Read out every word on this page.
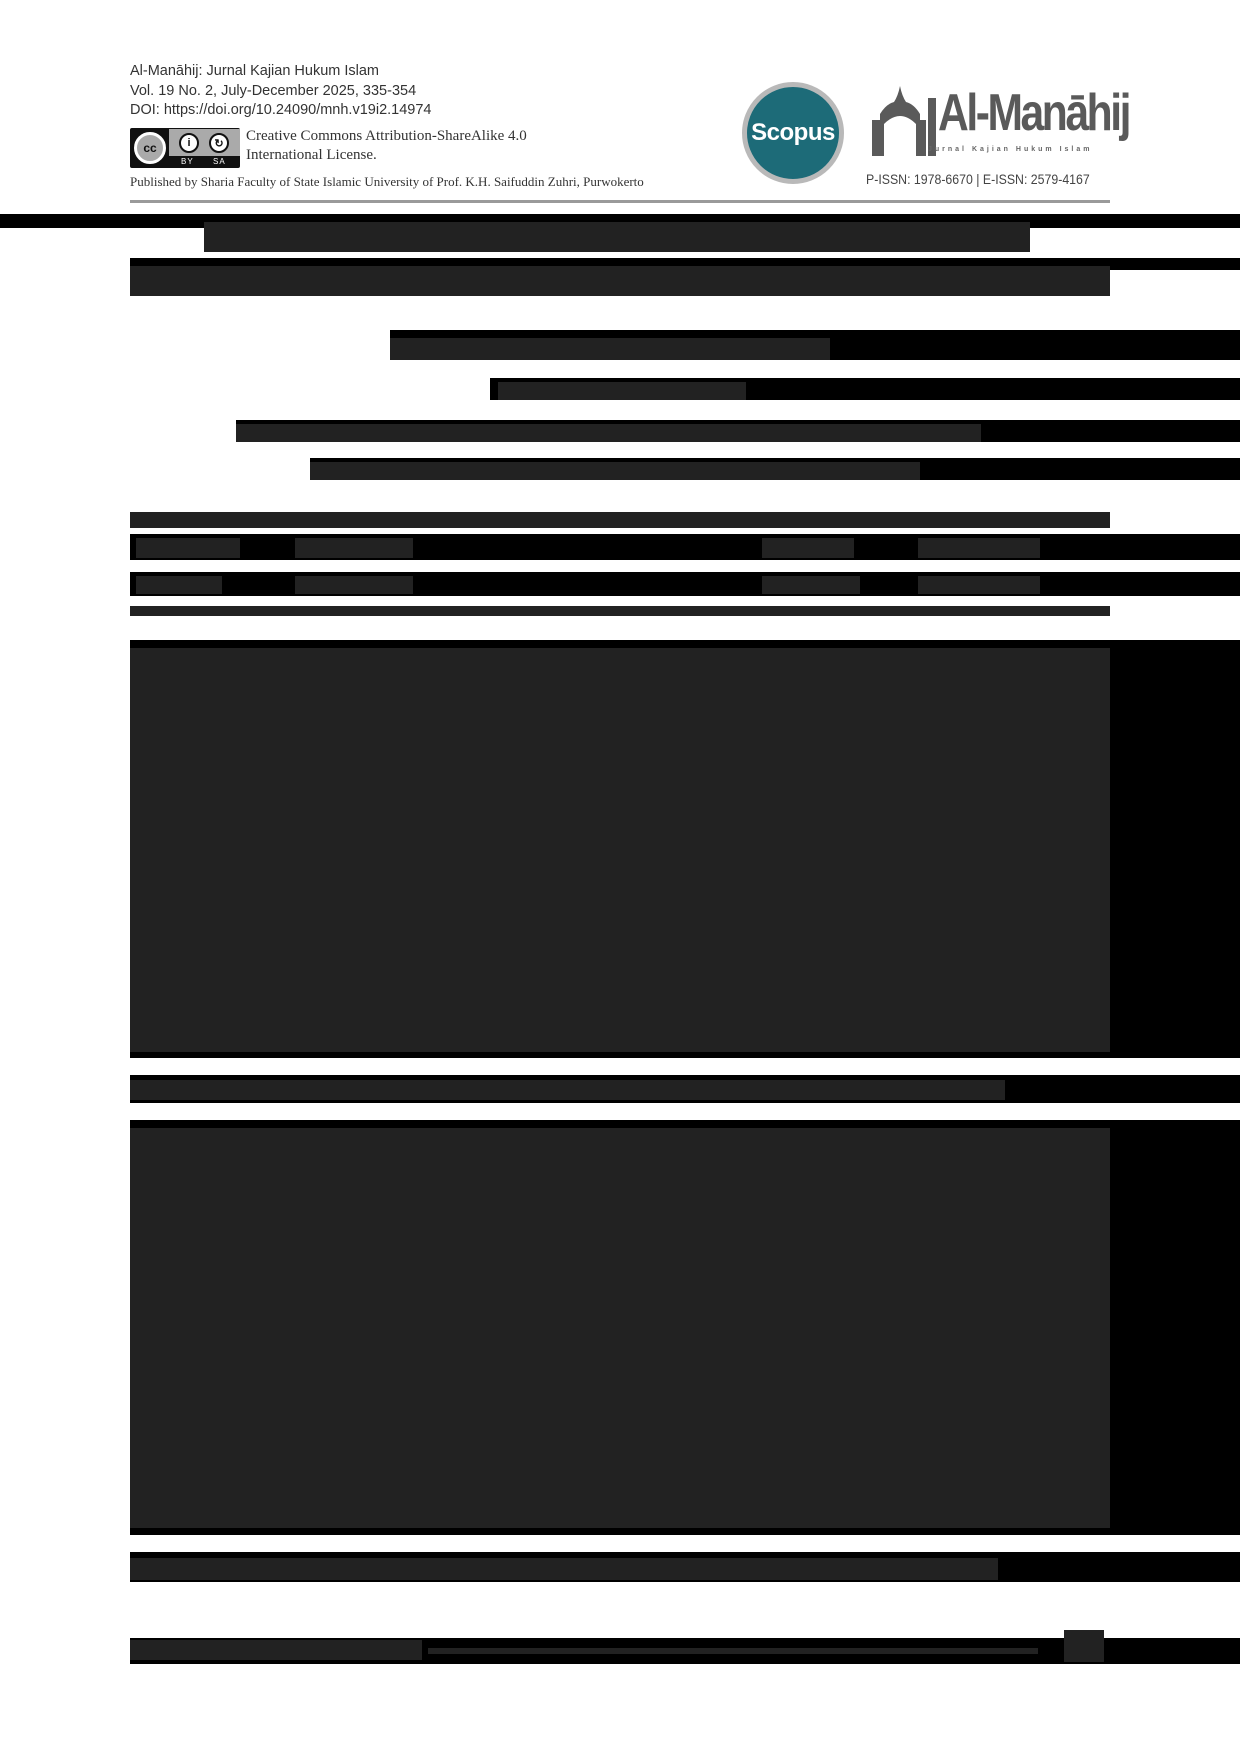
Al-Manāhij: Jurnal Kajian Hukum Islam
Vol. 19 No. 2, July-December 2025, 335-354
DOI: https://doi.org/10.24090/mnh.v19i2.14974
cc	i	↻
BY SA
Creative Commons Attribution-ShareAlike 4.0
International License.
Published by Sharia Faculty of State Islamic University of Prof. K.H. Saifuddin Zuhri, Purwokerto
Scopus Al-Manāhij
Jurnal Kajian Hukum Islam
P-ISSN: 1978-6670 | E-ISSN: 2579-4167
